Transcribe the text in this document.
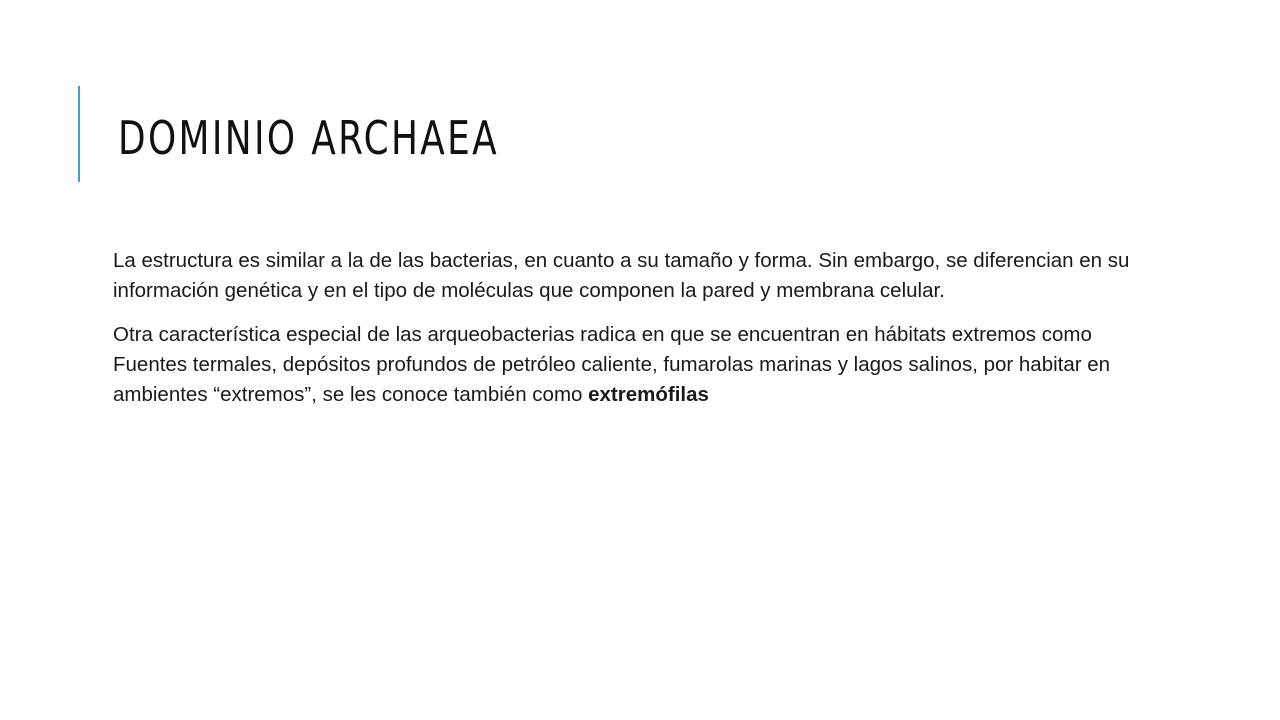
DOMINIO ARCHAEA

La estructura es similar a la de las bacterias, en cuanto a su tamaño y forma. Sin embargo, se diferencian en su información genética y en el tipo de moléculas que componen la pared y membrana celular.

Otra característica especial de las arqueobacterias radica en que se encuentran en hábitats extremos como Fuentes termales, depósitos profundos de petróleo caliente, fumarolas marinas y lagos salinos, por habitar en ambientes “extremos”, se les conoce también como extremófilas
